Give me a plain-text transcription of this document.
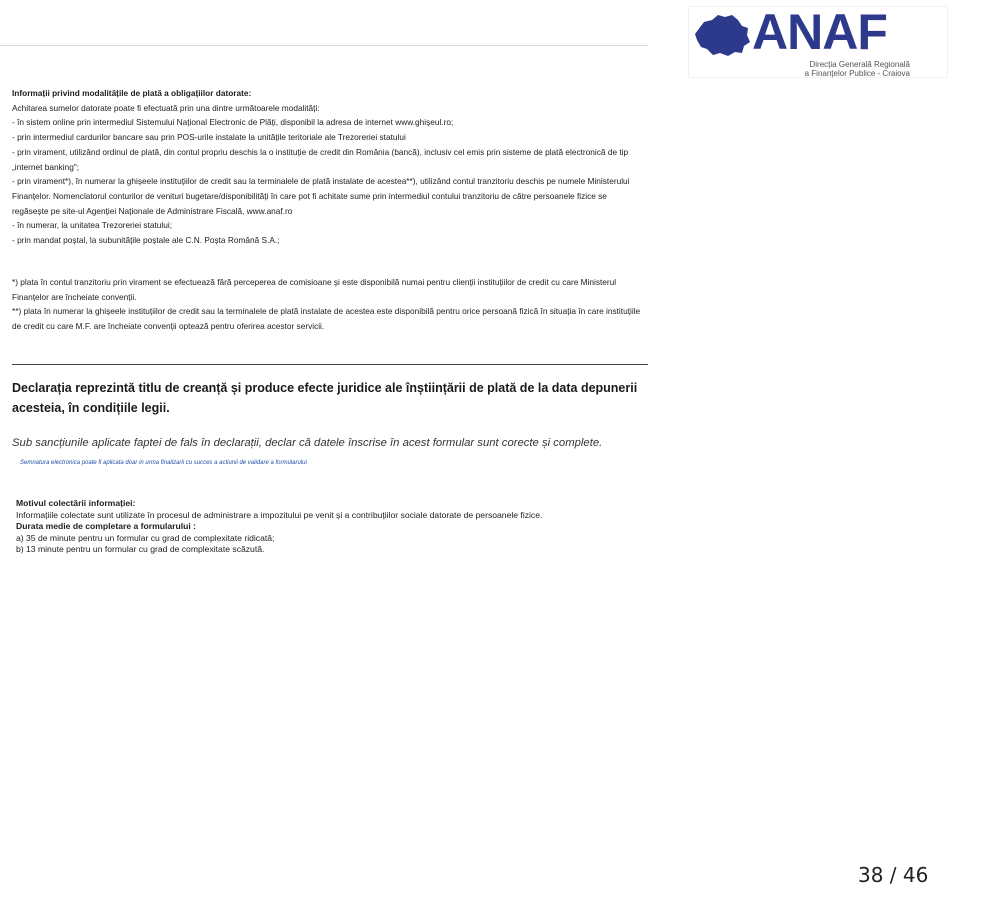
ANAF
Direcția Generală Regională
a Finanțelor Publice - Craiova

Informații privind modalitățile de plată a obligațiilor datorate:

Achitarea sumelor datorate poate fi efectuată prin una dintre următoarele modalități:

- în sistem online prin intermediul Sistemului Național Electronic de Plăți, disponibil la adresa de internet www.ghișeul.ro;

- prin intermediul cardurilor bancare sau prin POS-urile instalate la unitățile teritoriale ale Trezoreriei statului

- prin virament, utilizând ordinul de plată, din contul propriu deschis la o instituție de credit din România (bancă), inclusiv cel emis prin sisteme de plată electronică de tip „internet banking";

- prin virament*), în numerar la ghișeele instituțiilor de credit sau la terminalele de plată instalate de acestea**), utilizând contul tranzitoriu deschis pe numele Ministerului Finanțelor. Nomenclatorul conturilor de venituri bugetare/disponibilități în care pot fi achitate sume prin intermediul contului tranzitoriu de către persoanele fizice se regăsește pe site-ul Agenției Naționale de Administrare Fiscală, www.anaf.ro

- în numerar, la unitatea Trezoreriei statului;

- prin mandat poștal, la subunitățile poștale ale C.N. Poșta Română S.A.;

*) plata în contul tranzitoriu prin virament se efectuează fără perceperea de comisioane și este disponibilă numai pentru clienții instituțiilor de credit cu care Ministerul Finanțelor are încheiate convenții.

**) plata în numerar la ghișeele instituțiilor de credit sau la terminalele de plată instalate de acestea este disponibilă pentru orice persoană fizică în situația în care instituțiile de credit cu care M.F. are încheiate convenții optează pentru oferirea acestor servicii.

Declarația reprezintă titlu de creanță și produce efecte juridice ale înștiințării de plată de la data depunerii acesteia, în condițiile legii.

Sub sancțiunile aplicate faptei de fals în declarații, declar că datele înscrise în acest formular sunt corecte și complete.

Semnatura electronica poate fi aplicata doar in urma finalizarii cu succes a actiunii de validare a formularului

Motivul colectării informației:

Informațiile colectate sunt utilizate în procesul de administrare a impozitului pe venit și a contribuțiilor sociale datorate de persoanele fizice.

Durata medie de completare a formularului :

a) 35 de minute pentru un formular cu grad de complexitate ridicată;

b) 13 minute pentru un formular cu grad de complexitate scăzută.

38 / 46
